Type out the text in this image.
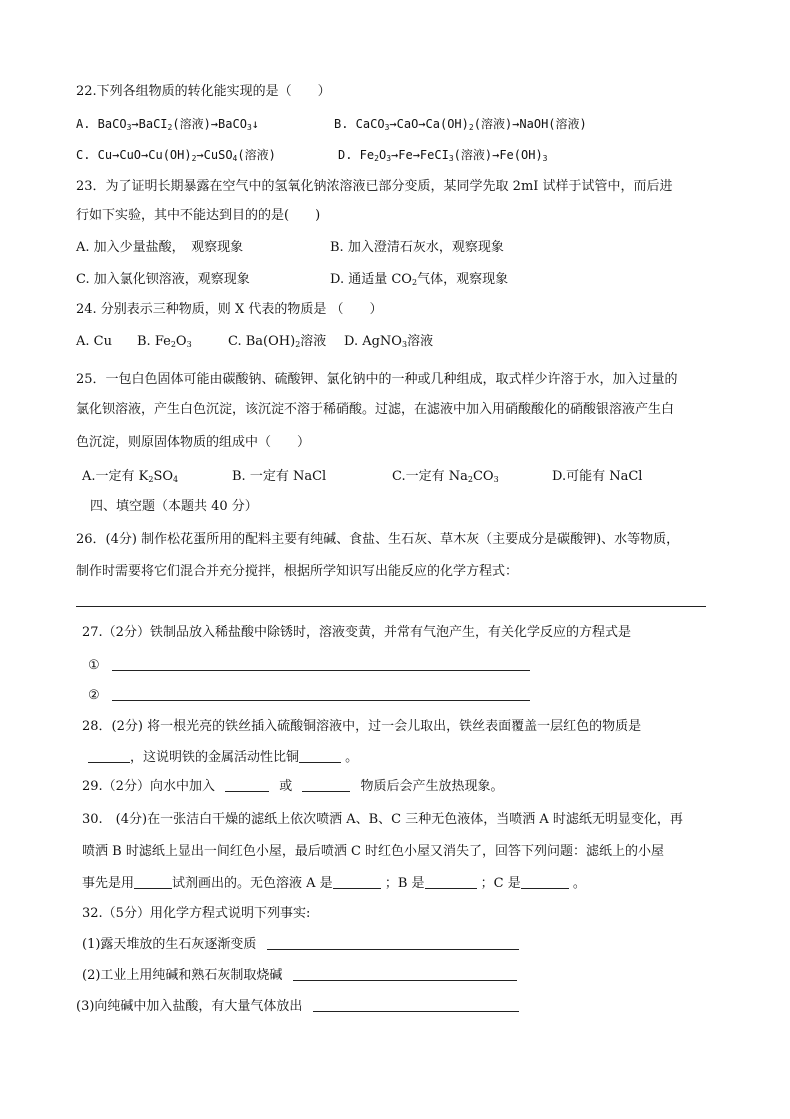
22.下列各组物质的转化能实现的是（　　）
A. BaCO$_3$→BaCI$_2$(溶液)→BaCO$_3$↓	B. $CaCO_3\to CaO\to Ca(OH)_2$(溶液)→NaOH(溶液)
C. $Cu\to CuO\to Cu(OH)_2\to CuSO_4$(溶液)	D. $Fe_2O_3\to Fe\to FeCI_3$(溶液)$\to Fe(OH)_3$
23．为了证明长期暴露在空气中的氢氧化钠浓溶液已部分变质，某同学先取 2mI 试样于试管中，而后进
行如下实验，其中不能达到目的的是(　　)
A. 加入少量盐酸，　观察现象	B. 加入澄清石灰水，观察现象
C. 加入氯化钡溶液，观察现象	D. 通适量 $CO_2$气体，观察现象
24. 分别表示三种物质，则 X 代表的物质是 （　　）
A. Cu B. $Fe_2O_3$	C. $Ba(OH)_2$溶液 D. AgNO$_3$溶液
25．一包白色固体可能由碳酸钠、硫酸钾、氯化钠中的一种或几种组成，取式样少许溶于水，加入过量的
氯化钡溶液，产生白色沉淀，该沉淀不溶于稀硝酸。过滤，在滤液中加入用硝酸酸化的硝酸银溶液产生白
色沉淀，则原固体物质的组成中（　　）
A.一定有 $K_2SO_4$	B. 一定有 NaCl	C.一定有 $Na_2CO_3$	D.可能有 NaCl
四、填空题（本题共 40 分）
26．(4分) 制作松花蛋所用的配料主要有纯碱、食盐、生石灰、草木灰（主要成分是碳酸钾)、水等物质，
制作时需要将它们混合并充分搅拌，根据所学知识写出能反应的化学方程式：
27.（2分）铁制品放入稀盐酸中除锈时，溶液变黄，并常有气泡产生，有关化学反应的方程式是
①
②
28．(2分) 将一根光亮的铁丝插入硫酸铜溶液中，过一会儿取出，铁丝表面覆盖一层红色的物质是
，这说明铁的金属活动性比铜	。
29.（2分）向水中加入	或	物质后会产生放热现象。
30.　(4分)在一张洁白干燥的滤纸上依次喷洒 A、B、C 三种无色液体，当喷洒 A 时滤纸无明显变化，再
喷洒 B 时滤纸上显出一间红色小屋，最后喷洒 C 时红色小屋又消失了，回答下列问题：滤纸上的小屋
事先是用	试剂画出的。无色溶液 A 是	；B 是	；C 是	。
32.（5分）用化学方程式说明下列事实:
(1)露天堆放的生石灰逐渐变质
(2)工业上用纯碱和熟石灰制取烧碱
(3)向纯碱中加入盐酸，有大量气体放出
